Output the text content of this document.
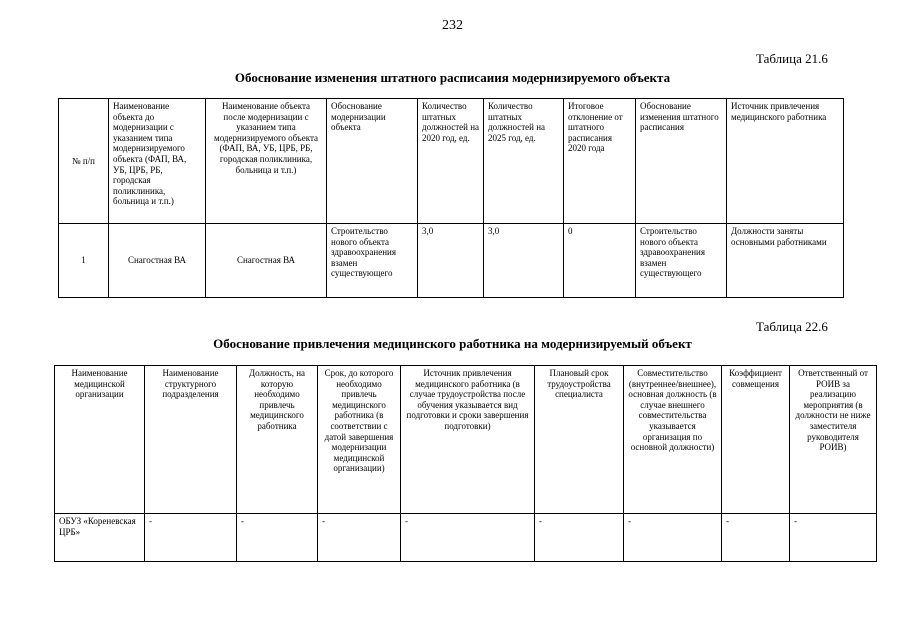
232
Таблица 21.6
Обоснование изменения штатного расписаиия модернизируемого объекта
№ п/п	Наименование объекта до модернизации с указанием типа модернизируемого объекта (ФАП, ВА, УБ, ЦРБ, РБ, городская поликлиника, больница и т.п.)	Наименование объекта после модернизации с указанием типа модернизируемого объекта (ФАП, ВА, УБ, ЦРБ, РБ, городская поликлиника, больница и т.п.)	Обоснование модернизации объекта	Количество штатных должностей на 2020 год, ед.	Количество штатных должностей на 2025 год, ед.	Итоговое отклонение от штатного расписания 2020 года	Обоснование изменения штатного расписания	Источник привлечения медицинского работника
1	Снагостная ВА	Снагостная ВА	Строительство нового объекта здравоохранения взамен существующего	3,0	3,0	0	Строительство нового объекта здравоохранения взамен существующего	Должности заняты основными работниками
Таблица 22.6
Обоснование привлечения медицинского работника на модернизируемый объект
Наименование медицинской организации	Наименование структурного подразделения	Должность, на которую необходимо привлечь медицинского работника	Срок, до которого необходимо привлечь медицинского работника (в соответствии с датой завершения модернизации медицинской организации)	Источник привлечения медицинского работника (в случае трудоустройства после обучения указывается вид подготовки и сроки завершения подготовки)	Плановый срок трудоустройства специалиста	Совместительство (внутреннее/внешнее), основная должность (в случае внешнего совместительства указывается организация по основной должности)	Коэффициент совмещения	Ответственный от РОИВ за реализацию мероприятия (в должности не ниже заместителя руководителя РОИВ)
ОБУЗ «Кореневская ЦРБ»	-	-	-	-	-	-	-	-
